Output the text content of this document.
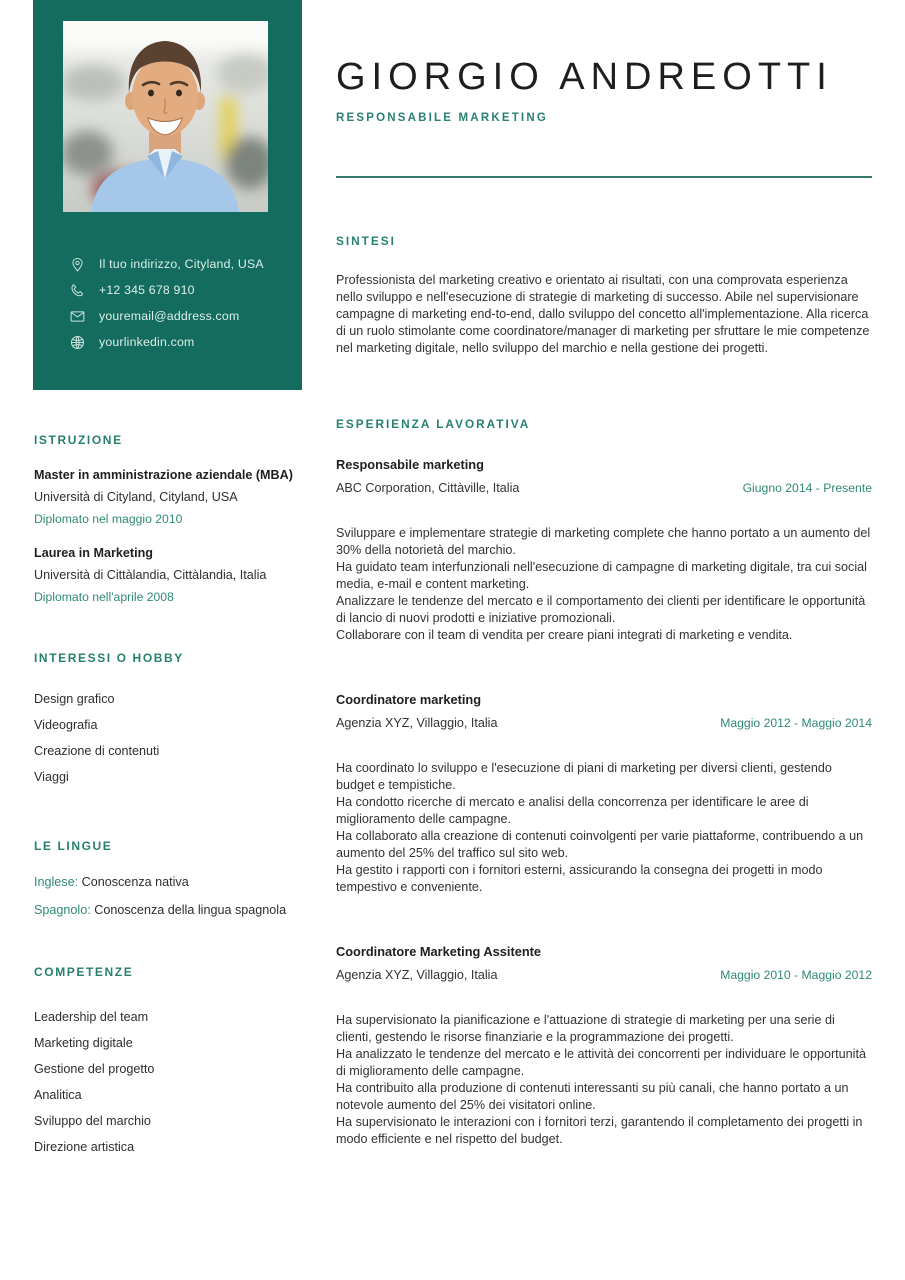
Il tuo indirizzo, Cityland, USA
+12 345 678 910
youremail@address.com
yourlinkedin.com
ISTRUZIONE
Master in amministrazione aziendale (MBA)
Università di Cityland, Cityland, USA
Diplomato nel maggio 2010
Laurea in Marketing
Università di Cittàlandia, Cittàlandia, Italia
Diplomato nell'aprile 2008
INTERESSI O HOBBY
Design grafico
Videografia
Creazione di contenuti
Viaggi
LE LINGUE
Inglese: Conoscenza nativa
Spagnolo: Conoscenza della lingua spagnola
COMPETENZE
Leadership del team
Marketing digitale
Gestione del progetto
Analitica
Sviluppo del marchio
Direzione artistica
GIORGIO ANDREOTTI
RESPONSABILE MARKETING
SINTESI

Professionista del marketing creativo e orientato ai risultati, con una comprovata esperienza nello sviluppo e nell'esecuzione di strategie di marketing di successo. Abile nel supervisionare campagne di marketing end-to-end, dallo sviluppo del concetto all'implementazione. Alla ricerca di un ruolo stimolante come coordinatore/manager di marketing per sfruttare le mie competenze nel marketing digitale, nello sviluppo del marchio e nella gestione dei progetti.

ESPERIENZA LAVORATIVA
Responsabile marketing
ABC Corporation, Cittàville, Italia	Giugno 2014 - Presente

Sviluppare e implementare strategie di marketing complete che hanno portato a un aumento del 30% della notorietà del marchio.

Ha guidato team interfunzionali nell'esecuzione di campagne di marketing digitale, tra cui social media, e-mail e content marketing.

Analizzare le tendenze del mercato e il comportamento dei clienti per identificare le opportunità di lancio di nuovi prodotti e iniziative promozionali.

Collaborare con il team di vendita per creare piani integrati di marketing e vendita.

Coordinatore marketing
Agenzia XYZ, Villaggio, Italia	Maggio 2012 - Maggio 2014

Ha coordinato lo sviluppo e l'esecuzione di piani di marketing per diversi clienti, gestendo budget e tempistiche.

Ha condotto ricerche di mercato e analisi della concorrenza per identificare le aree di miglioramento delle campagne.

Ha collaborato alla creazione di contenuti coinvolgenti per varie piattaforme, contribuendo a un aumento del 25% del traffico sul sito web.

Ha gestito i rapporti con i fornitori esterni, assicurando la consegna dei progetti in modo tempestivo e conveniente.

Coordinatore Marketing Assitente
Agenzia XYZ, Villaggio, Italia	Maggio 2010 - Maggio 2012

Ha supervisionato la pianificazione e l'attuazione di strategie di marketing per una serie di clienti, gestendo le risorse finanziarie e la programmazione dei progetti.

Ha analizzato le tendenze del mercato e le attività dei concorrenti per individuare le opportunità di miglioramento delle campagne.

Ha contribuito alla produzione di contenuti interessanti su più canali, che hanno portato a un notevole aumento del 25% dei visitatori online.

Ha supervisionato le interazioni con i fornitori terzi, garantendo il completamento dei progetti in modo efficiente e nel rispetto del budget.
